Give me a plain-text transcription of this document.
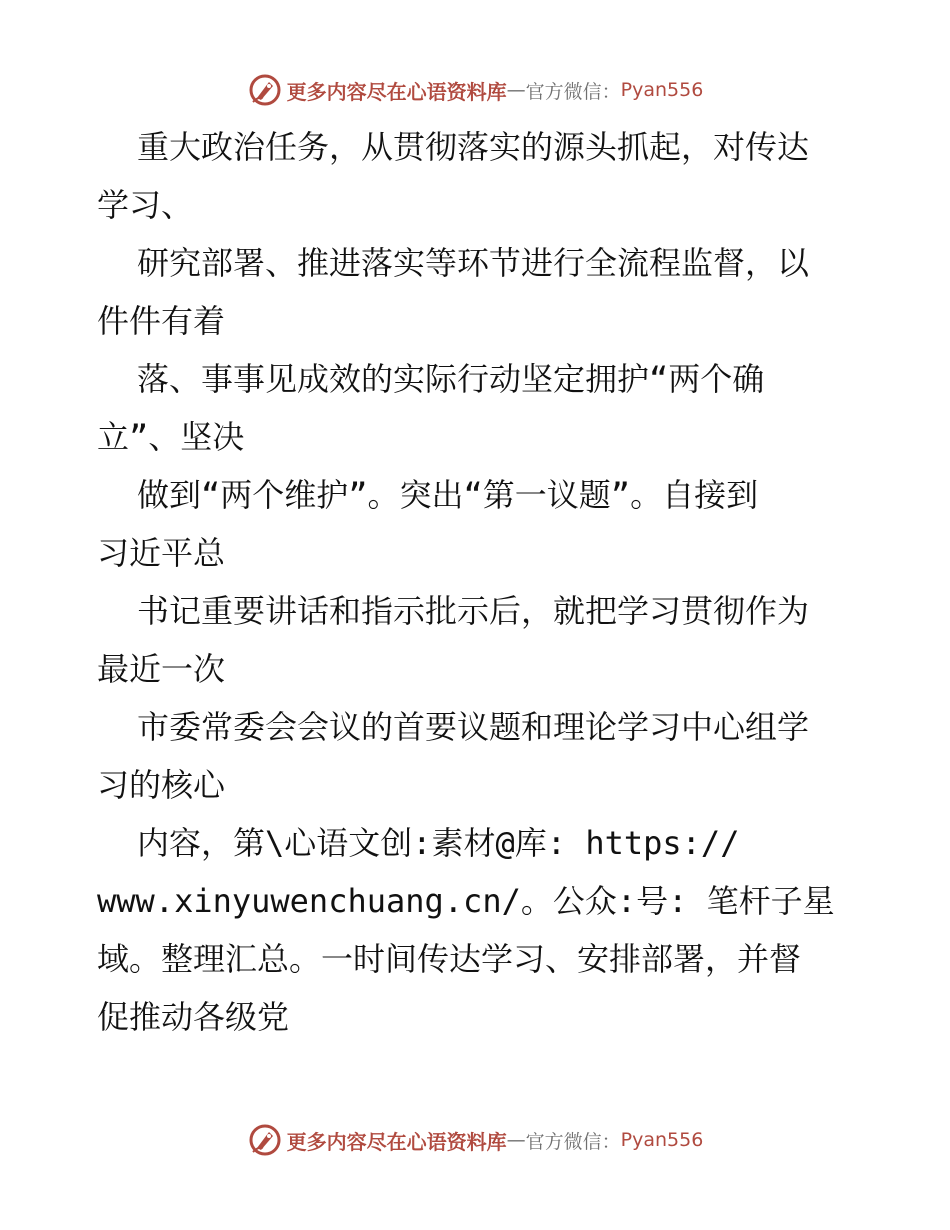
更多内容尽在心语资料库 — 官方微信： Pyan556
重大政治任务，从贯彻落实的源头抓起，对传达
学习、
研究部署、推进落实等环节进行全流程监督，以
件件有着
落、事事见成效的实际行动坚定拥护“两个确
立”、坚决
做到“两个维护”。突出“第一议题”。自接到
习近平总
书记重要讲话和指示批示后，就把学习贯彻作为
最近一次
市委常委会会议的首要议题和理论学习中心组学
习的核心
内容，第\心语文创:素材@库: https://
www.xinyuwenchuang.cn/。公众:号: 笔杆子星
域。整理汇总。一时间传达学习、安排部署，并督
促推动各级党
更多内容尽在心语资料库 — 官方微信： Pyan556
